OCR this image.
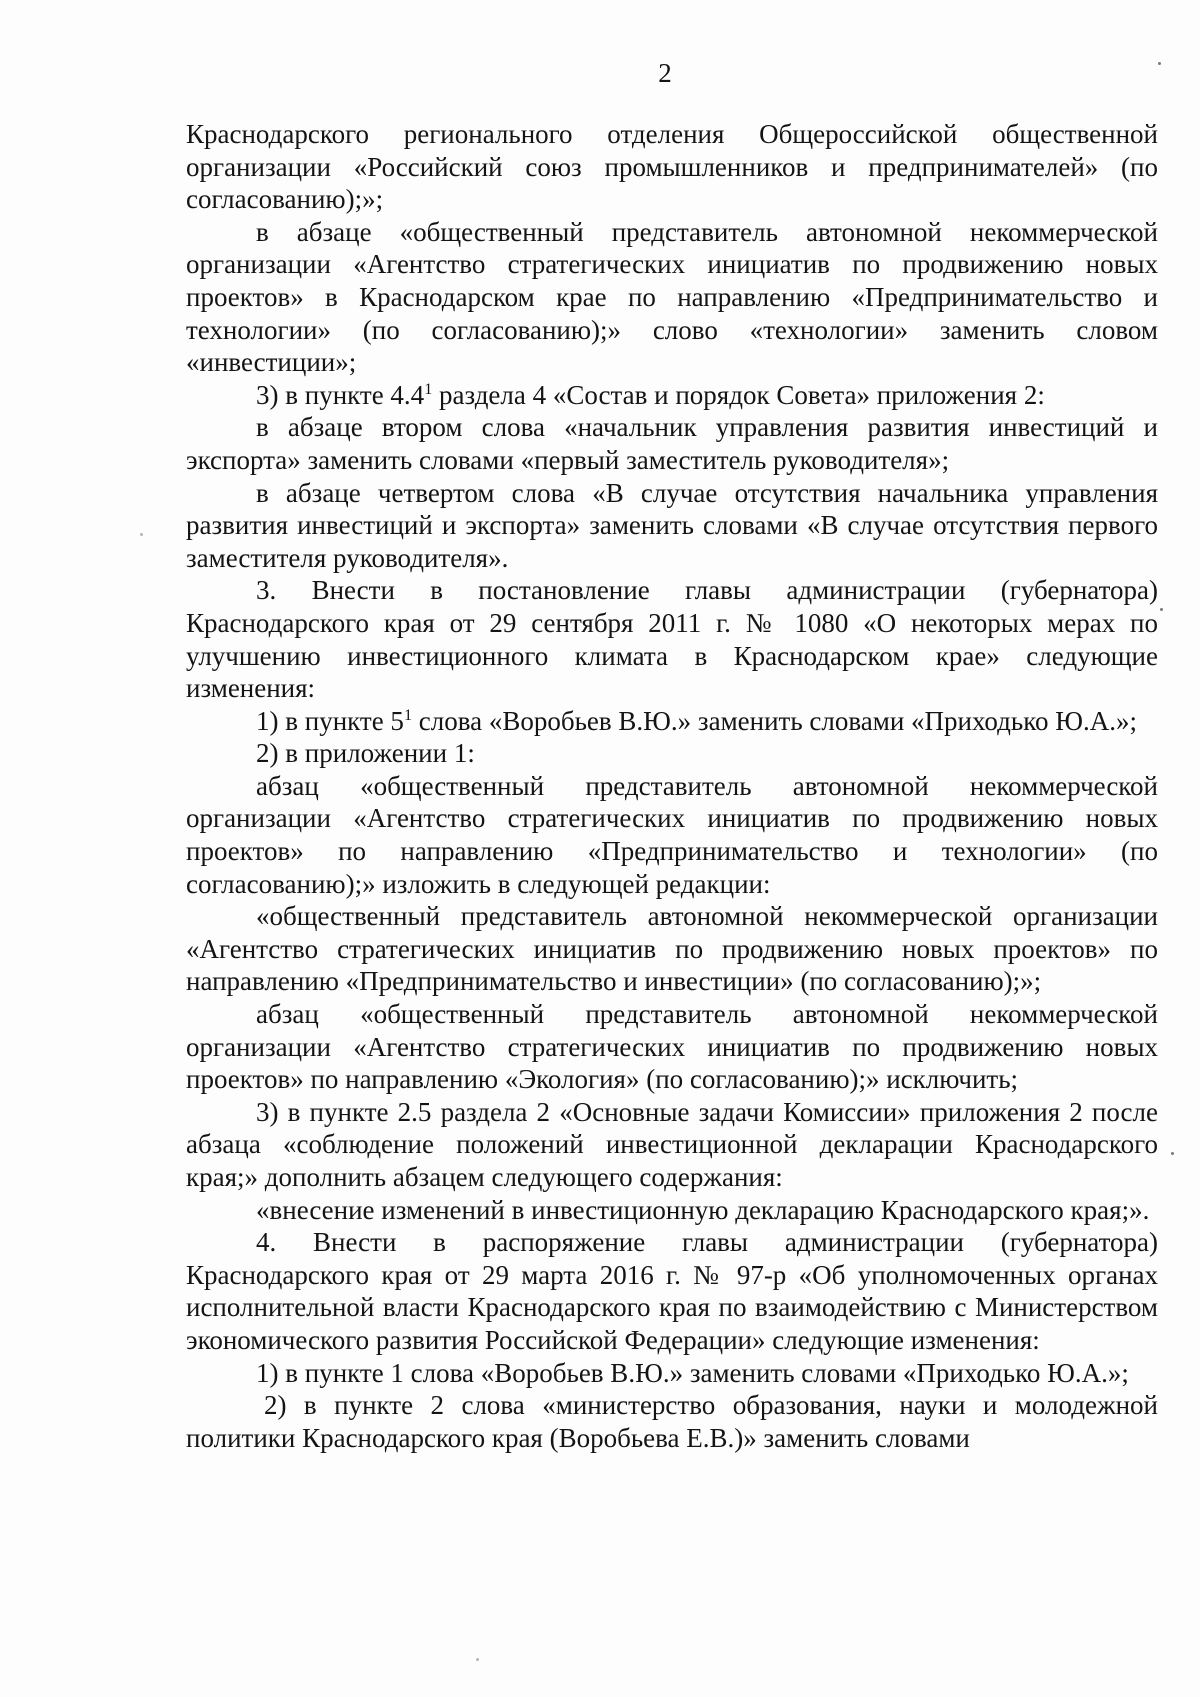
2

Краснодарского регионального отделения Общероссийской общественной организации «Российский союз промышленников и предпринимателей» (по согласованию);»;

в абзаце «общественный представитель автономной некоммерческой организации «Агентство стратегических инициатив по продвижению новых проектов» в Краснодарском крае по направлению «Предпринимательство и технологии» (по согласованию);» слово «технологии» заменить словом «инвестиции»;

3) в пункте $4.4^1$ раздела 4 «Состав и порядок Совета» приложения 2:

в абзаце втором слова «начальник управления развития инвестиций и экспорта» заменить словами «первый заместитель руководителя»;

в абзаце четвертом слова «В случае отсутствия начальника управления развития инвестиций и экспорта» заменить словами «В случае отсутствия первого заместителя руководителя».

3. Внести в постановление главы администрации (губернатора) Краснодарского края от 29 сентября 2011 г. № 1080 «О некоторых мерах по улучшению инвестиционного климата в Краснодарском крае» следующие изменения:

1) в пункте $5^1$ слова «Воробьев В.Ю.» заменить словами «Приходько Ю.А.»;

2) в приложении 1:

абзац «общественный представитель автономной некоммерческой организации «Агентство стратегических инициатив по продвижению новых проектов» по направлению «Предпринимательство и технологии» (по согласованию);» изложить в следующей редакции:

«общественный представитель автономной некоммерческой организации «Агентство стратегических инициатив по продвижению новых проектов» по направлению «Предпринимательство и инвестиции» (по согласованию);»;

абзац «общественный представитель автономной некоммерческой организации «Агентство стратегических инициатив по продвижению новых проектов» по направлению «Экология» (по согласованию);» исключить;

3) в пункте 2.5 раздела 2 «Основные задачи Комиссии» приложения 2 после абзаца «соблюдение положений инвестиционной декларации Краснодарского края;» дополнить абзацем следующего содержания:

«внесение изменений в инвестиционную декларацию Краснодарского края;».

4. Внести в распоряжение главы администрации (губернатора) Краснодарского края от 29 марта 2016 г. № 97-р «Об уполномоченных органах исполнительной власти Краснодарского края по взаимодействию с Министерством экономического развития Российской Федерации» следующие изменения:

1) в пункте 1 слова «Воробьев В.Ю.» заменить словами «Приходько Ю.А.»;

2) в пункте 2 слова «министерство образования, науки и молодежной политики Краснодарского края (Воробьева Е.В.)» заменить словами
